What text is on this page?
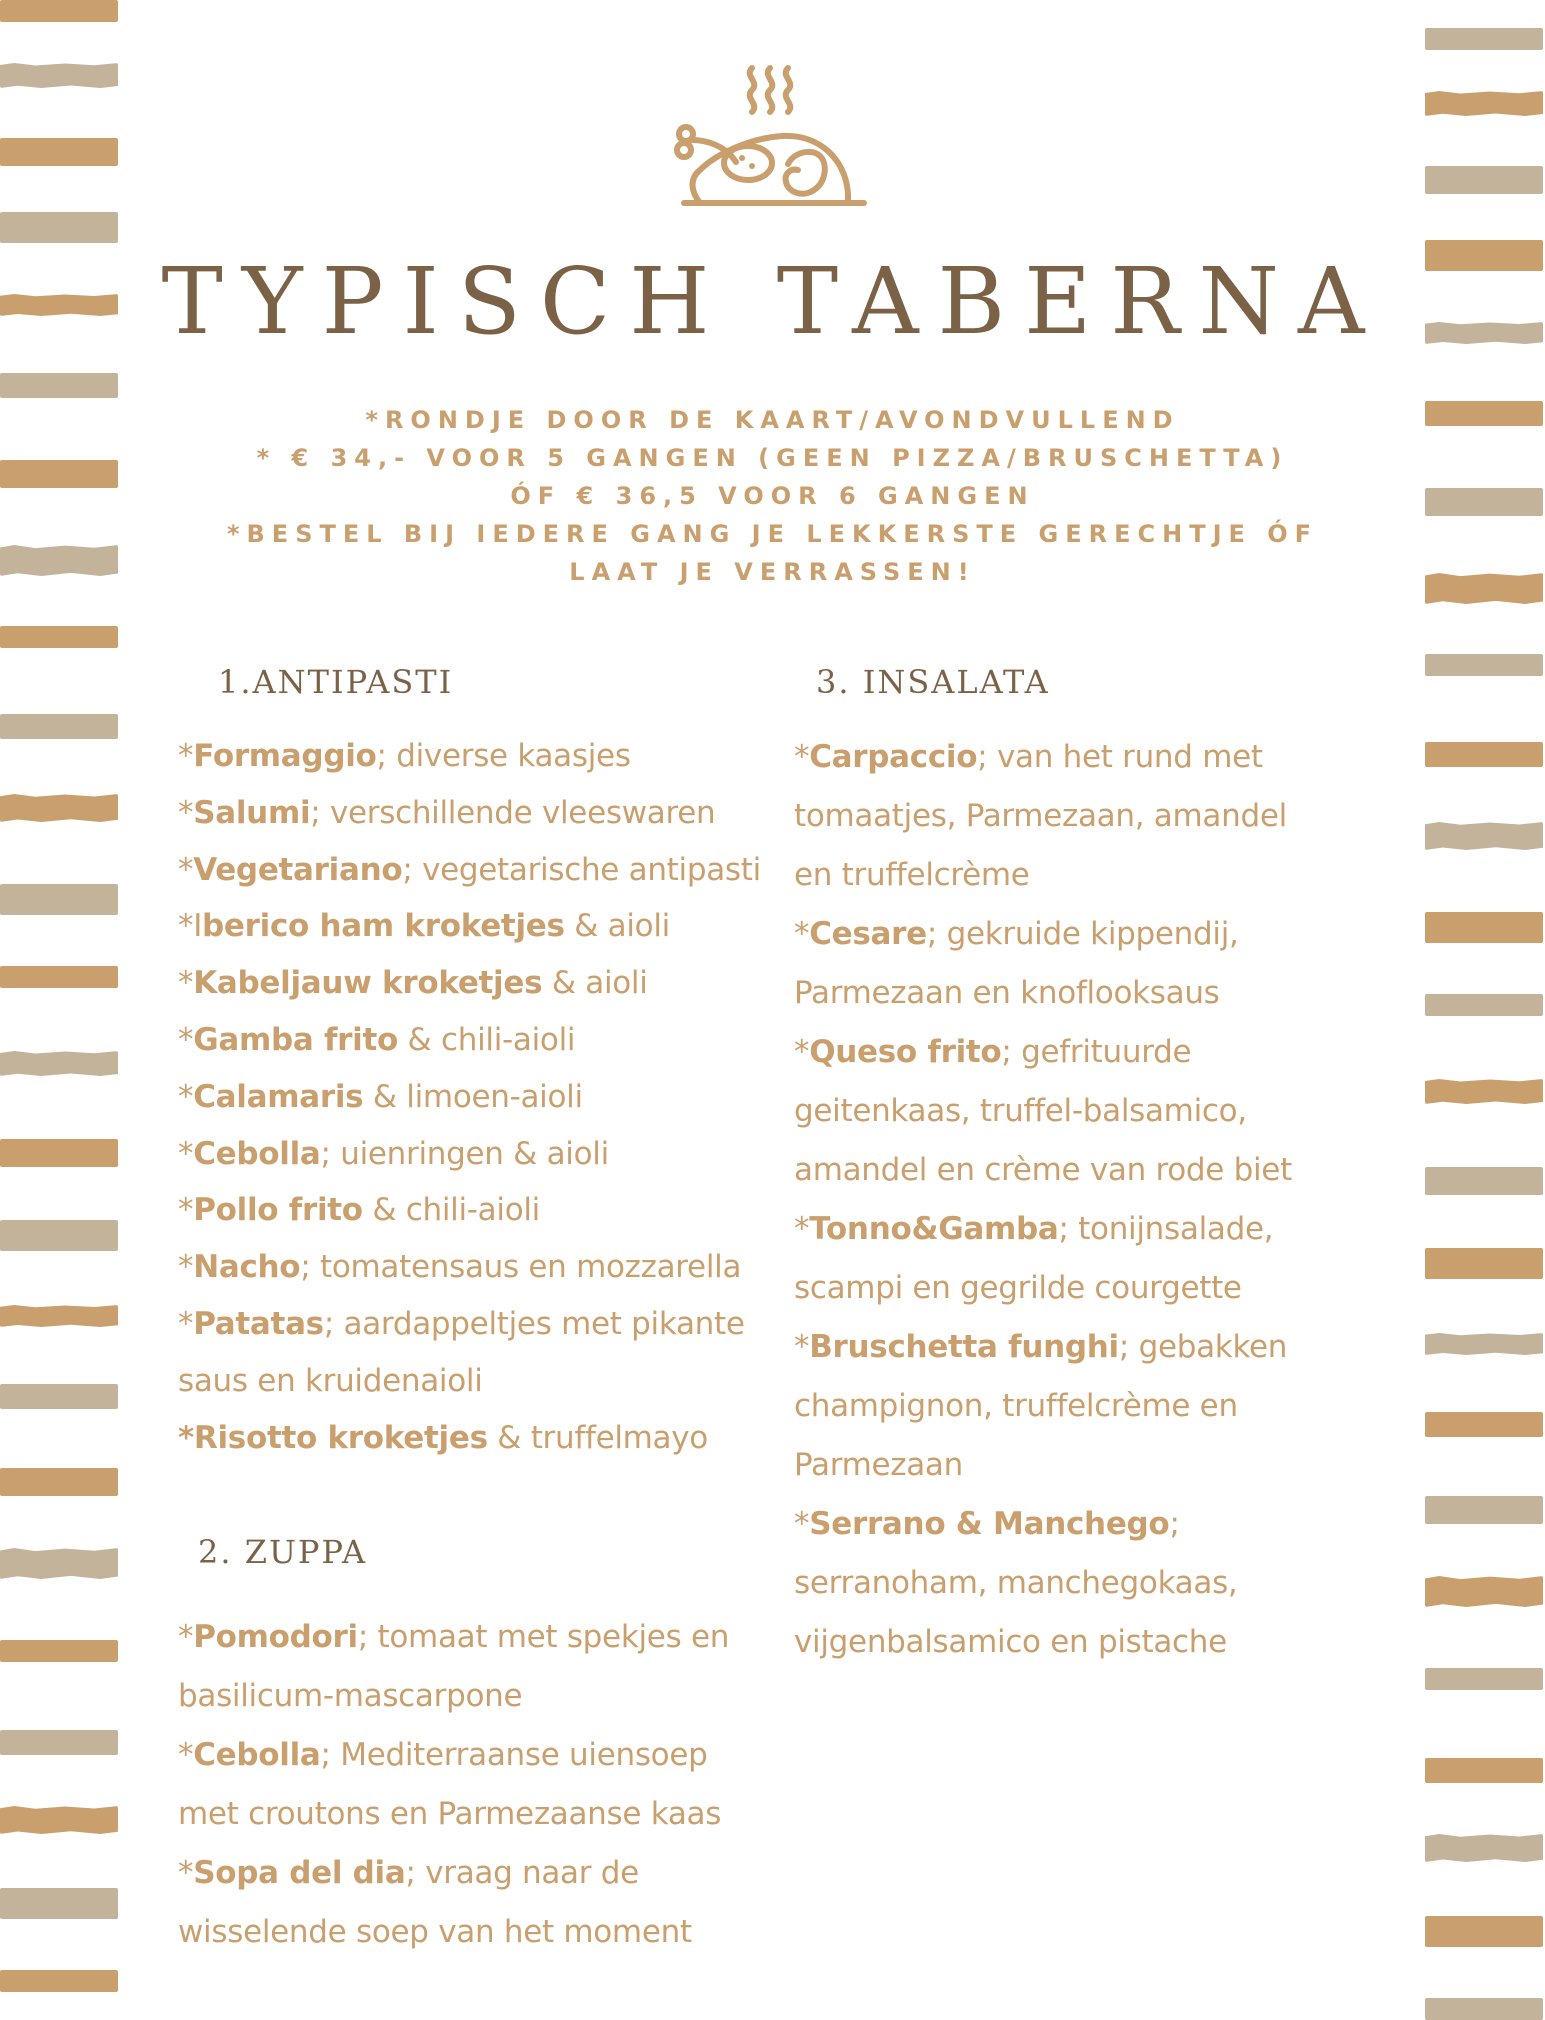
TYPISCH TABERNA
*RONDJE DOOR DE KAART/AVONDVULLEND
* € 34,- VOOR 5 GANGEN (GEEN PIZZA/BRUSCHETTA)
ÓF € 36,5 VOOR 6 GANGEN
*BESTEL BIJ IEDERE GANG JE LEKKERSTE GERECHTJE ÓF
LAAT JE VERRASSEN!
1.ANTIPASTI
*Formaggio; diverse kaasjes
*Salumi; verschillende vleeswaren
*Vegetariano; vegetarische antipasti
*Iberico ham kroketjes & aioli
*Kabeljauw kroketjes & aioli
*Gamba frito & chili-aioli
*Calamaris & limoen-aioli
*Cebolla; uienringen & aioli
*Pollo frito & chili-aioli
*Nacho; tomatensaus en mozzarella
*Patatas; aardappeltjes met pikante
saus en kruidenaioli
*Risotto kroketjes & truffelmayo
2. ZUPPA
*Pomodori; tomaat met spekjes en
basilicum-mascarpone
*Cebolla; Mediterraanse uiensoep
met croutons en Parmezaanse kaas
*Sopa del dia; vraag naar de
wisselende soep van het moment
3. INSALATA
*Carpaccio; van het rund met
tomaatjes, Parmezaan, amandel
en truffelcrème
*Cesare; gekruide kippendij,
Parmezaan en knoflooksaus
*Queso frito; gefrituurde
geitenkaas, truffel-balsamico,
amandel en crème van rode biet
*Tonno&Gamba; tonijnsalade,
scampi en gegrilde courgette
*Bruschetta funghi; gebakken
champignon, truffelcrème en
Parmezaan
*Serrano & Manchego;
serranoham, manchegokaas,
vijgenbalsamico en pistache
